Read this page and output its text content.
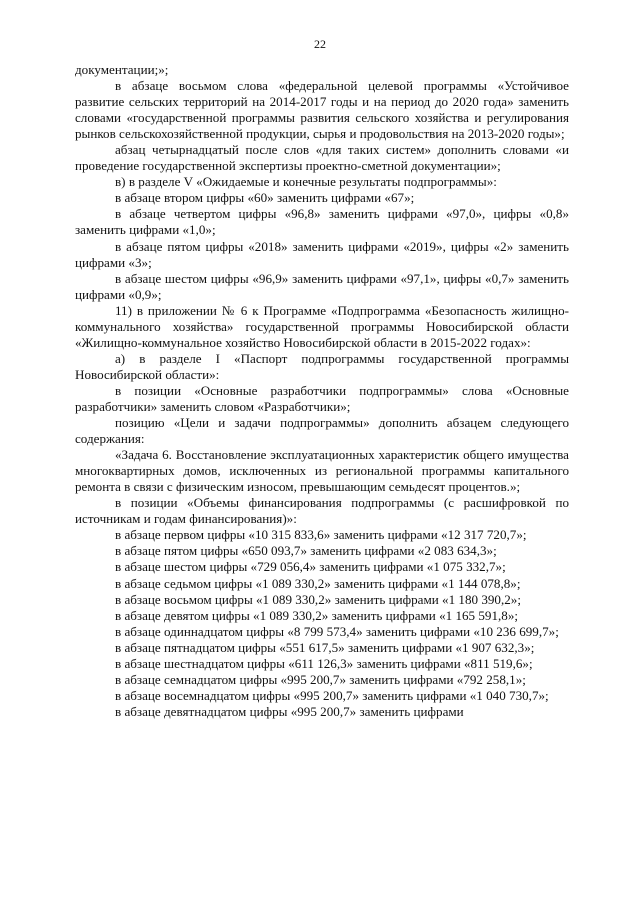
22

документации;»;

в абзаце восьмом слова «федеральной целевой программы «Устойчивое развитие сельских территорий на 2014-2017 годы и на период до 2020 года» заменить словами «государственной программы развития сельского хозяйства и регулирования рынков сельскохозяйственной продукции, сырья и продовольствия на 2013-2020 годы»;

абзац четырнадцатый после слов «для таких систем» дополнить словами «и проведение государственной экспертизы проектно-сметной документации»;

в) в разделе V «Ожидаемые и конечные результаты подпрограммы»:

в абзаце втором цифры «60» заменить цифрами «67»;

в абзаце четвертом цифры «96,8» заменить цифрами «97,0», цифры «0,8» заменить цифрами «1,0»;

в абзаце пятом цифры «2018» заменить цифрами «2019», цифры «2» заменить цифрами «3»;

в абзаце шестом цифры «96,9» заменить цифрами «97,1», цифры «0,7» заменить цифрами «0,9»;

11) в приложении № 6 к Программе «Подпрограмма «Безопасность жилищно-коммунального хозяйства» государственной программы Новосибирской области «Жилищно-коммунальное хозяйство Новосибирской области в 2015-2022 годах»:

а) в разделе I «Паспорт подпрограммы государственной программы Новосибирской области»:

в позиции «Основные разработчики подпрограммы» слова «Основные разработчики» заменить словом «Разработчики»;

позицию «Цели и задачи подпрограммы» дополнить абзацем следующего содержания:

«Задача 6. Восстановление эксплуатационных характеристик общего имущества многоквартирных домов, исключенных из региональной программы капитального ремонта в связи с физическим износом, превышающим семьдесят процентов.»;

в позиции «Объемы финансирования подпрограммы (с расшифровкой по источникам и годам финансирования)»:

в абзаце первом цифры «10 315 833,6» заменить цифрами «12 317 720,7»;

в абзаце пятом цифры «650 093,7» заменить цифрами «2 083 634,3»;

в абзаце шестом цифры «729 056,4» заменить цифрами «1 075 332,7»;

в абзаце седьмом цифры «1 089 330,2» заменить цифрами «1 144 078,8»;

в абзаце восьмом цифры «1 089 330,2» заменить цифрами «1 180 390,2»;

в абзаце девятом цифры «1 089 330,2» заменить цифрами «1 165 591,8»;

в абзаце одиннадцатом цифры «8 799 573,4» заменить цифрами «10 236 699,7»;

в абзаце пятнадцатом цифры «551 617,5» заменить цифрами «1 907 632,3»;

в абзаце шестнадцатом цифры «611 126,3» заменить цифрами «811 519,6»;

в абзаце семнадцатом цифры «995 200,7» заменить цифрами «792 258,1»;

в абзаце восемнадцатом цифры «995 200,7» заменить цифрами «1 040 730,7»;

в абзаце девятнадцатом цифры «995 200,7» заменить цифрами
